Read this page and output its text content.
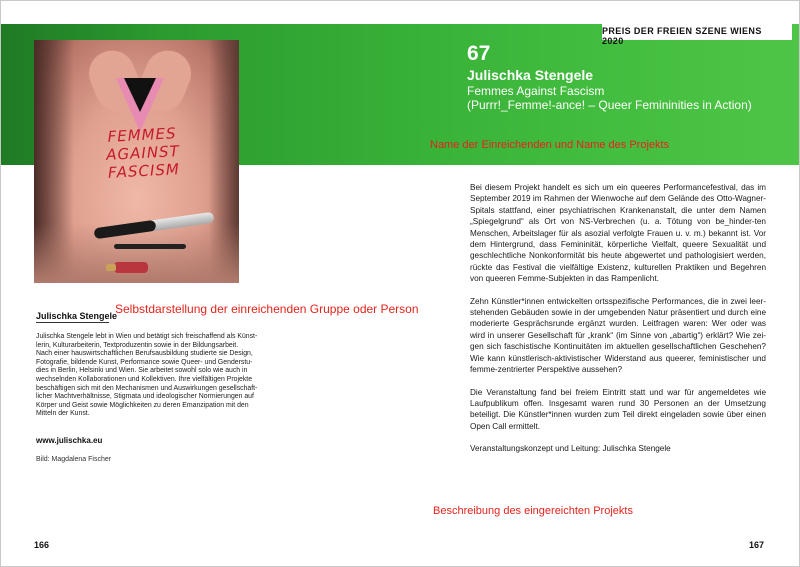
PREIS DER FREIEN SZENE WIENS 2020
FEMMES
AGAINST
FASCISM
67
Julischka Stengele
Femmes Against Fascism
(Purrr!_Femme!-ance! – Queer Femininities in Action)
Name der Einreichenden und Name des Projekts
Selbstdarstellung der einreichenden Gruppe oder Person
Beschreibung des eingereichten Projekts
Julischka Stengele

Julischka Stengele lebt in Wien und betätigt sich freischaffend als Künst-

lerin, Kulturarbeiterin, Textproduzentin sowie in der Bildungsarbeit.

Nach einer hauswirtschaftlichen Berufsausbildung studierte sie Design,

Fotografie, bildende Kunst, Performance sowie Queer- und Genderstu-

dies in Berlin, Helsinki und Wien. Sie arbeitet sowohl solo wie auch in

wechselnden Kollaborationen und Kollektiven. Ihre vielfältigen Projekte

beschäftigen sich mit den Mechanismen und Auswirkungen gesellschaft-

licher Machtverhältnisse, Stigmata und ideologischer Normierungen auf

Körper und Geist sowie Möglichkeiten zu deren Emanzipation mit den

Mitteln der Kunst.

www.julischka.eu
Bild: Magdalena Fischer

Bei diesem Projekt handelt es sich um ein queeres Performancefestival, das im September 2019 im Rahmen der Wienwoche auf dem Gelände des Otto-Wagner-Spitals stattfand, einer psychiatrischen Krankenanstalt, die unter dem Namen „Spiegelgrund“ als Ort von NS-Verbrechen (u. a. Tötung von be_hinder-ten Menschen, Arbeitslager für als asozial verfolgte Frauen u. v. m.) bekannt ist. Vor dem Hintergrund, dass Femininität, körperliche Vielfalt, queere Sexualität und geschlechtliche Nonkonformität bis heute abgewertet und pathologisiert werden, rückte das Festival die vielfältige Existenz, kulturellen Praktiken und Begehren von queeren Femme-Subjekten in das Rampenlicht.

Zehn Künstler*innen entwickelten ortsspezifische Performances, die in zwei leer-stehenden Gebäuden sowie in der umgebenden Natur präsentiert und durch eine moderierte Gesprächsrunde ergänzt wurden. Leitfragen waren: Wer oder was wird in unserer Gesellschaft für „krank“ (im Sinne von „abartig“) erklärt? Wie zei-gen sich faschistische Kontinuitäten im aktuellen gesellschaftlichen Geschehen? Wie kann künstlerisch-aktivistischer Widerstand aus queerer, feministischer und femme-zentrierter Perspektive aussehen?

Die Veranstaltung fand bei freiem Eintritt statt und war für angemeldetes wie Laufpublikum offen. Insgesamt waren rund 30 Personen an der Umsetzung beteiligt. Die Künstler*innen wurden zum Teil direkt eingeladen sowie über einen Open Call ermittelt.

Veranstaltungskonzept und Leitung: Julischka Stengele

166	167
